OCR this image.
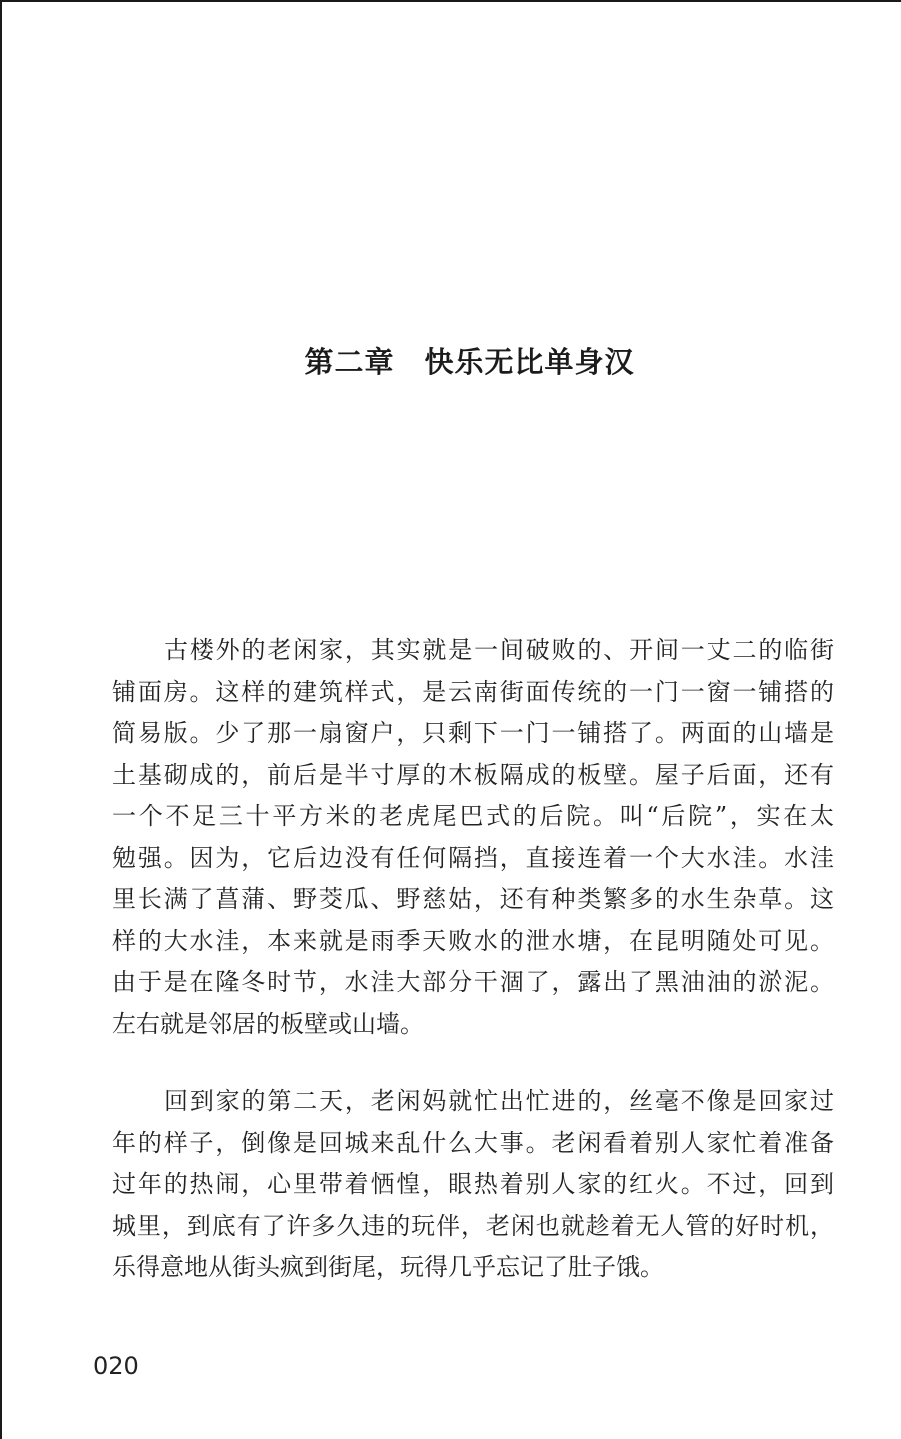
第二章　快乐无比单身汉
古楼外的老闲家，其实就是一间破败的、开间一丈二的临街
铺面房。这样的建筑样式，是云南街面传统的一门一窗一铺搭的
简易版。少了那一扇窗户，只剩下一门一铺搭了。两面的山墙是
土基砌成的，前后是半寸厚的木板隔成的板壁。屋子后面，还有
一个不足三十平方米的老虎尾巴式的后院。叫“后院”，实在太
勉强。因为，它后边没有任何隔挡，直接连着一个大水洼。水洼
里长满了菖蒲、野茭瓜、野慈姑，还有种类繁多的水生杂草。这
样的大水洼，本来就是雨季天败水的泄水塘，在昆明随处可见。
由于是在隆冬时节，水洼大部分干涸了，露出了黑油油的淤泥。
左右就是邻居的板壁或山墙。
回到家的第二天，老闲妈就忙出忙进的，丝毫不像是回家过
年的样子，倒像是回城来乱什么大事。老闲看着别人家忙着准备
过年的热闹，心里带着恓惶，眼热着别人家的红火。不过，回到
城里，到底有了许多久违的玩伴，老闲也就趁着无人管的好时机，
乐得意地从街头疯到街尾，玩得几乎忘记了肚子饿。
020
